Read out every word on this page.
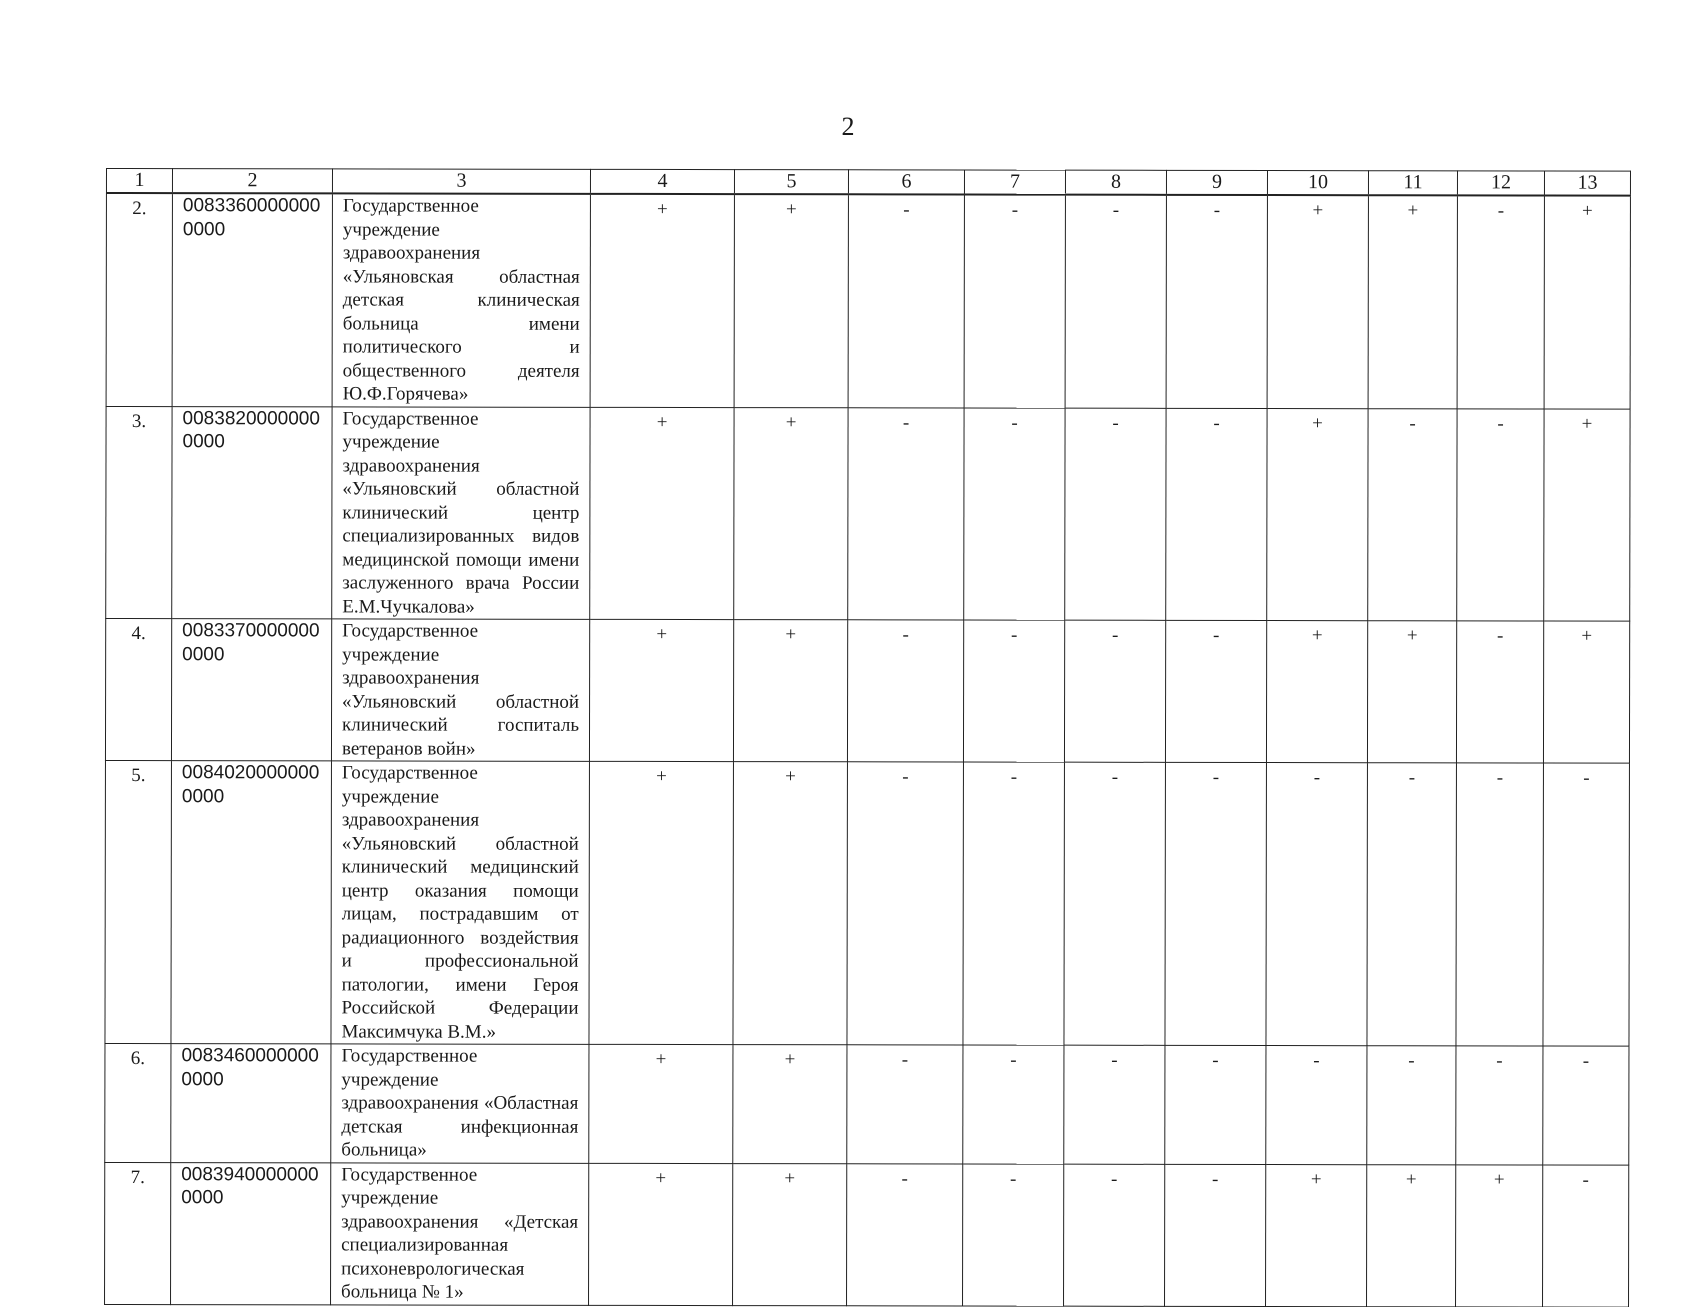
2
1	2	3	4	5	6	7	8	9	10	11	12	13
2.	00833600000000000	Государственное учреждение здравоохранения «Ульяновская областная детская клиническая больница имени политического и общественного деятеля Ю.Ф.Горячева»	+	+	-	-	-	-	+	+	-	+
3.	00838200000000000	Государственное учреждение здравоохранения «Ульяновский областной клинический центр специализированных видов медицинской помощи имени заслуженного врача России Е.М.Чучкалова»	+	+	-	-	-	-	+	-	-	+
4.	00833700000000000	Государственное учреждение здравоохранения «Ульяновский областной клинический госпиталь ветеранов войн»	+	+	-	-	-	-	+	+	-	+
5.	00840200000000000	Государственное учреждение здравоохранения «Ульяновский областной клинический медицинский центр оказания помощи лицам, пострадавшим от радиационного воздействия и профессиональной патологии, имени Героя Российской Федерации Максимчука В.М.»	+	+	-	-	-	-	-	-	-	-
6.	00834600000000000	Государственное учреждение здравоохранения «Областная детская инфекционная больница»	+	+	-	-	-	-	-	-	-	-
7.	00839400000000000	Государственное учреждение здравоохранения «Детская специализированная психоневрологическая больница № 1»	+	+	-	-	-	-	+	+	+	-
